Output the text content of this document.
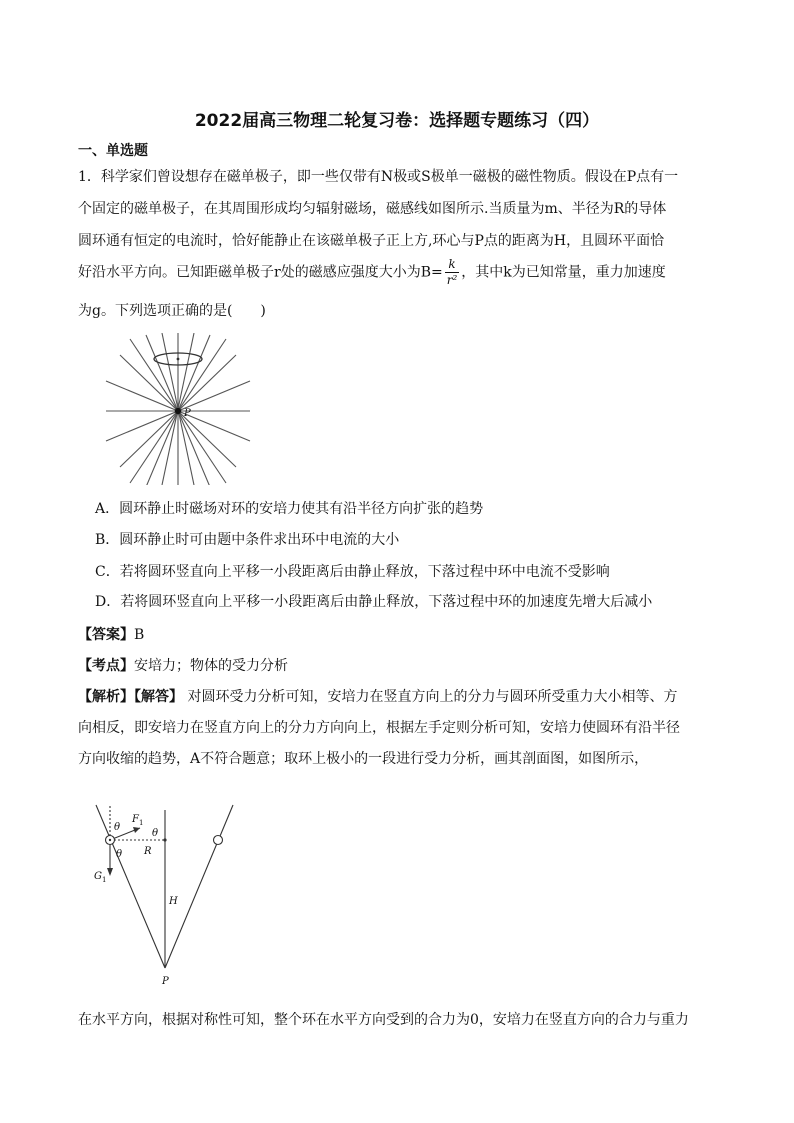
2022届高三物理二轮复习卷：选择题专题练习（四）
一、单选题
1．科学家们曾设想存在磁单极子，即一些仅带有N极或S极单一磁极的磁性物质。假设在P点有一
个固定的磁单极子，在其周围形成均匀辐射磁场，磁感线如图所示.当质量为m、半径为R的导体
圆环通有恒定的电流时，恰好能静止在该磁单极子正上方,环心与P点的距离为H，且圆环平面恰
好沿水平方向。已知距磁单极子r处的磁感应强度大小为$B= \frac{k}{\text{r²}}$ ，其中k为已知常量，重力加速度
为g。下列选项正确的是(　　)
P
A．圆环静止时磁场对环的安培力使其有沿半径方向扩张的趋势
B．圆环静止时可由题中条件求出环中电流的大小
C．若将圆环竖直向上平移一小段距离后由静止释放，下落过程中环中电流不受影响
D．若将圆环竖直向上平移一小段距离后由静止释放，下落过程中环的加速度先增大后减小
【答案】B
【考点】安培力；物体的受力分析
【解析】【解答】 对圆环受力分析可知，安培力在竖直方向上的分力与圆环所受重力大小相等、方
向相反，即安培力在竖直方向上的分力方向向上，根据左手定则分析可知，安培力使圆环有沿半径
方向收缩的趋势，A不符合题意；取环上极小的一段进行受力分析，画其剖面图，如图所示，
θ
$F_1$
θ
θ R
$G_1$
H
P
在水平方向，根据对称性可知，整个环在水平方向受到的合力为0，安培力在竖直方向的合力与重力
